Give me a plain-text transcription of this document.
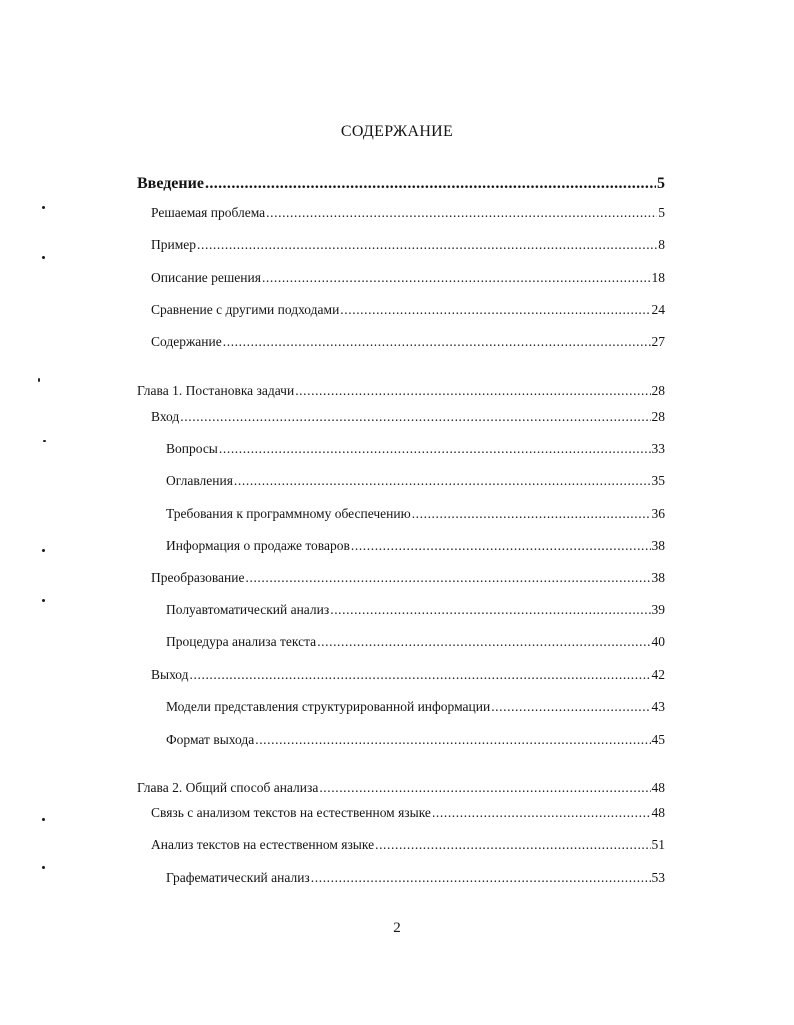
СОДЕРЖАНИЕ
Введение .....	5
Решаемая проблема .....	5
Пример .....	8
Описание решения .....	18
Сравнение с другими подходами .....	24
Содержание .....	27
Глава 1. Постановка задачи .....	28
Вход .....	28
Вопросы .....	33
Оглавления .....	35
Требования к программному обеспечению .....	36
Информация о продаже товаров .....	38
Преобразование .....	38
Полуавтоматический анализ .....	39
Процедура анализа текста .....	40
Выход .....	42
Модели представления структурированной информации .....	43
Формат выхода .....	45
Глава 2. Общий способ анализа .....	48
Связь с анализом текстов на естественном языке .....	48
Анализ текстов на естественном языке .....	51
Графематический анализ .....	53
2
